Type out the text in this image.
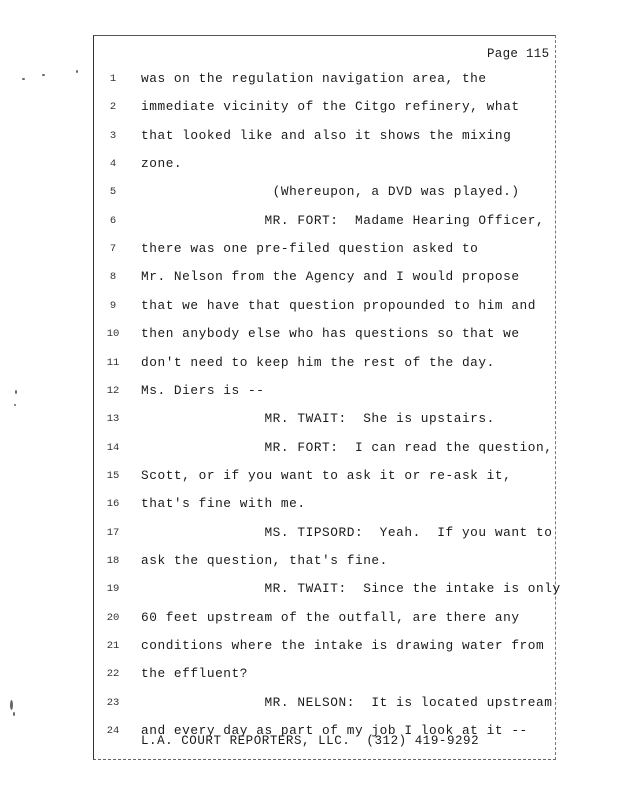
Page 115
1	was on the regulation navigation area, the
2	immediate vicinity of the Citgo refinery, what
3	that looked like and also it shows the mixing
4	zone.
5	(Whereupon, a DVD was played.)
6	MR. FORT:  Madame Hearing Officer,
7	there was one pre-filed question asked to
8	Mr. Nelson from the Agency and I would propose
9	that we have that question propounded to him and
10	then anybody else who has questions so that we
11	don't need to keep him the rest of the day.
12	Ms. Diers is --
13	MR. TWAIT:  She is upstairs.
14	MR. FORT:  I can read the question,
15	Scott, or if you want to ask it or re-ask it,
16	that's fine with me.
17	MS. TIPSORD:  Yeah.  If you want to
18	ask the question, that's fine.
19	MR. TWAIT:  Since the intake is only
20	60 feet upstream of the outfall, are there any
21	conditions where the intake is drawing water from
22	the effluent?
23	MR. NELSON:  It is located upstream
24	and every day as part of my job I look at it --
L.A. COURT REPORTERS, LLC.  (312) 419-9292
